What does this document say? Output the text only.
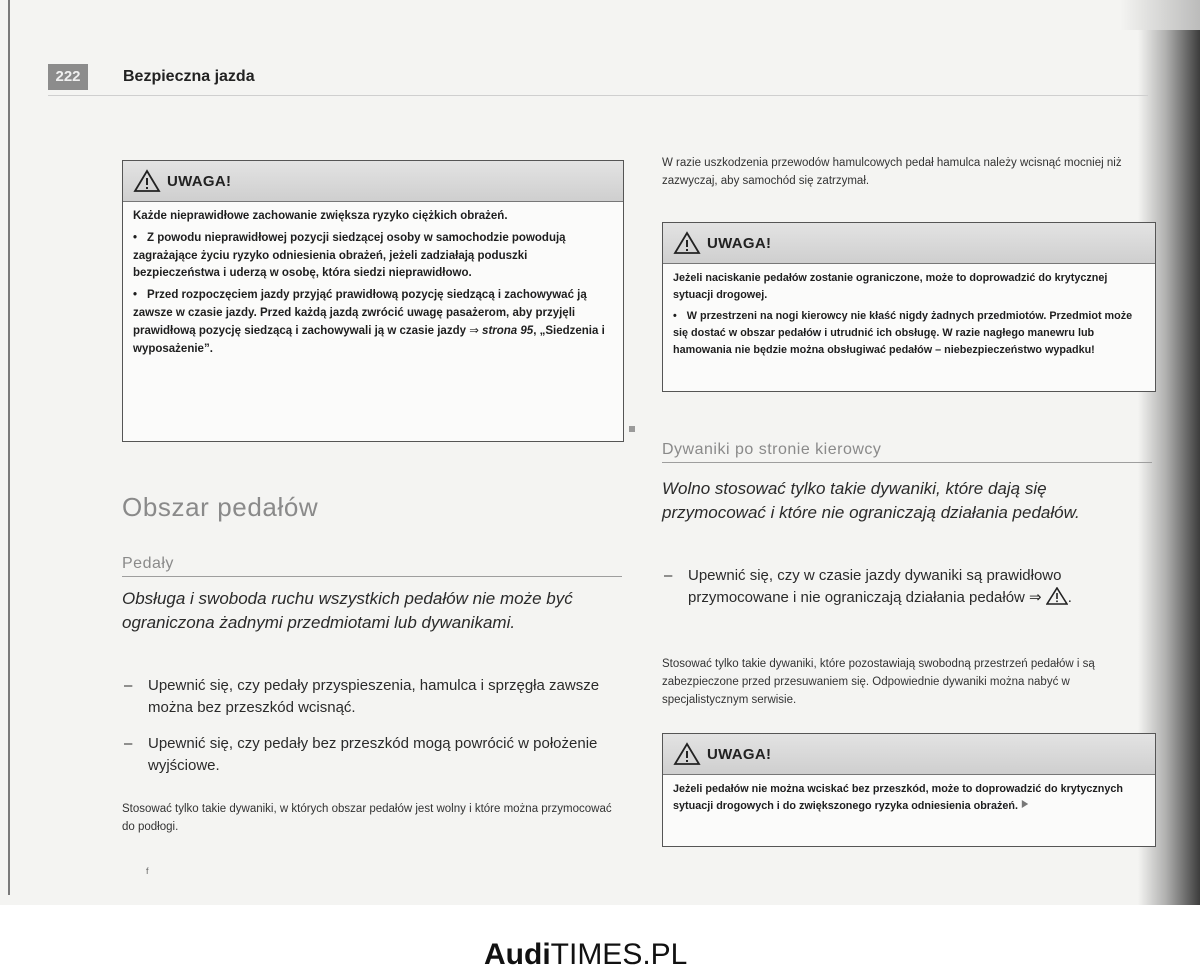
222	Bezpieczna jazda
UWAGA!

Każde nieprawidłowe zachowanie zwiększa ryzyko ciężkich obrażeń.

• Z powodu nieprawidłowej pozycji siedzącej osoby w samochodzie powodują zagrażające życiu ryzyko odniesienia obrażeń, jeżeli zadziałają poduszki bezpieczeństwa i uderzą w osobę, która siedzi nieprawidłowo.

• Przed rozpoczęciem jazdy przyjąć prawidłową pozycję siedzącą i zachowywać ją zawsze w czasie jazdy. Przed każdą jazdą zwrócić uwagę pasażerom, aby przyjęli prawidłową pozycję siedzącą i zachowywali ją w czasie jazdy ⇒ strona 95, „Siedzenia i wyposażenie”.

Obszar pedałów
Pedały
Obsługa i swoboda ruchu wszystkich pedałów nie może być ograniczona żadnymi przedmiotami lub dywanikami.
– Upewnić się, czy pedały przyspieszenia, hamulca i sprzęgła zawsze można bez przeszkód wcisnąć.
– Upewnić się, czy pedały bez przeszkód mogą powrócić w położenie wyjściowe.
Stosować tylko takie dywaniki, w których obszar pedałów jest wolny i które można przymocować do podłogi.
f
W razie uszkodzenia przewodów hamulcowych pedał hamulca należy wcisnąć mocniej niż zazwyczaj, aby samochód się zatrzymał.
UWAGA!

Jeżeli naciskanie pedałów zostanie ograniczone, może to doprowadzić do krytycznej sytuacji drogowej.

• W przestrzeni na nogi kierowcy nie kłaść nigdy żadnych przedmiotów. Przedmiot może się dostać w obszar pedałów i utrudnić ich obsługę. W razie nagłego manewru lub hamowania nie będzie można obsługiwać pedałów – niebezpieczeństwo wypadku!

Dywaniki po stronie kierowcy
Wolno stosować tylko takie dywaniki, które dają się przymocować i które nie ograniczają działania pedałów.
– Upewnić się, czy w czasie jazdy dywaniki są prawidłowo przymocowane i nie ograniczają działania pedałów ⇒ .
Stosować tylko takie dywaniki, które pozostawiają swobodną przestrzeń pedałów i są zabezpieczone przed przesuwaniem się. Odpowiednie dywaniki można nabyć w specjalistycznym serwisie.
UWAGA!

Jeżeli pedałów nie można wciskać bez przeszkód, może to doprowadzić do krytycznych sytuacji drogowych i do zwiększonego ryzyka odniesienia obrażeń.

AudiTIMES.PL
